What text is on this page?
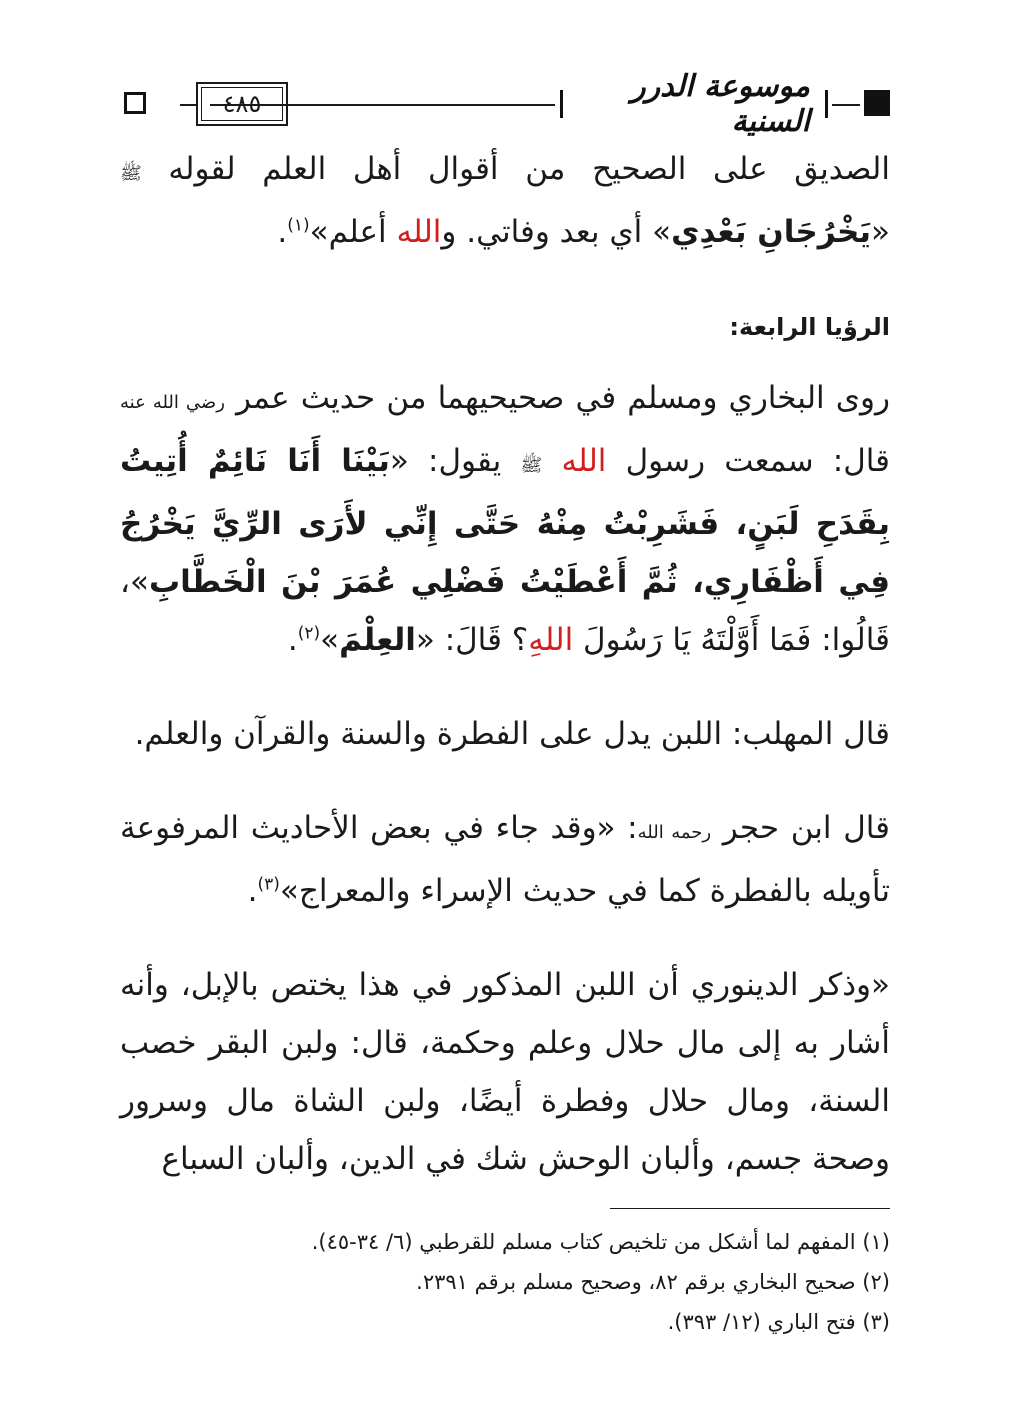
٤٨٥	موسوعة الدرر السنية

الصديق على الصحيح من أقوال أهل العلم لقوله ﷺ «يَخْرُجَانِ بَعْدِي» أي بعد وفاتي. والله أعلم»$^{(١)}$.

الرؤيا الرابعة:

روى البخاري ومسلم في صحيحيهما من حديث عمر رضي الله عنه قال: سمعت رسول الله ﷺ يقول: «بَيْنَا أَنَا نَائِمٌ أُتِيتُ بِقَدَحِ لَبَنٍ، فَشَرِبْتُ مِنْهُ حَتَّى إِنِّي لأَرَى الرِّيَّ يَخْرُجُ فِي أَظْفَارِي، ثُمَّ أَعْطَيْتُ فَضْلِي عُمَرَ بْنَ الْخَطَّابِ»، قَالُوا: فَمَا أَوَّلْتَهُ يَا رَسُولَ اللهِ؟ قَالَ: «العِلْمَ»$^{(٢)}$.

قال المهلب: اللبن يدل على الفطرة والسنة والقرآن والعلم.

قال ابن حجر رحمه الله: «وقد جاء في بعض الأحاديث المرفوعة تأويله بالفطرة كما في حديث الإسراء والمعراج»$^{(٣)}$.

«وذكر الدينوري أن اللبن المذكور في هذا يختص بالإبل، وأنه أشار به إلى مال حلال وعلم وحكمة، قال: ولبن البقر خصب السنة، ومال حلال وفطرة أيضًا، ولبن الشاة مال وسرور وصحة جسم، وألبان الوحش شك في الدين، وألبان السباع

(١) المفهم لما أشكل من تلخيص كتاب مسلم للقرطبي (٦/ ٣٤-٤٥).
(٢) صحيح البخاري برقم ٨٢، وصحيح مسلم برقم ٢٣٩١.
(٣) فتح الباري (١٢/ ٣٩٣).
